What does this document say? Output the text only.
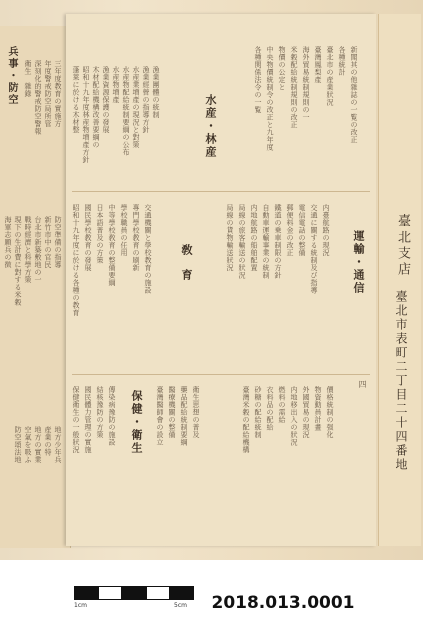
兵事・防空 衛生　雜錄 深刻化的警戒防空警報 年度警戒防空局所管 三年度教育の實施方
海軍志願兵の徴 現下の生計費に對する米穀 戰時經濟と科學方策 台北市新築敷地の一 新竹市中の官民 防空準備の指導
防空頌法地 空氣を吸ふ 地方の實業 産業の特 地方少年兵
蓬萊に於ける木材整 昭和十九年度林産物増產方針 木材配給機構改善要綱の 漁業資源保護の發展 水産物増產 水産物配給統制要綱の公布 水産業増產の現況と對策 漁業經營の指導方針 漁業團體の統制
水産・林産
各種関係法令の一覧 中央物價統制令の改正と九年度 物價の公定と 米穀配給統制規則の改正 海外貿易統制規則の一 臺灣鳳梨產 臺北市の産業狀況 各種統計 新聞其の他雜誌の一覧の改正
昭和十九年度に於ける各種の教育 國民學校教育の發展 日本語普及の方策 中等學校敎育の整備要綱 學校職員の任用 專門學校教育の刷新 交通機關と學校教育の施設	敎育	局線の貨物輸送狀況 局線の旅客輸送の狀況 内地航路の船舶配置 自動車運輸事業の統制 鐵道の乗車制限の方針 郵便料金の改正 電信電話の整備 交通に關する統制及び指導 内臺航路の現況 運輸・通信
保健衛生の一般狀況 國民體力管理の實施 結核豫防の方策 傳染病豫防の施設 保健・衛生 臺灣醫師會の設立 醫療機關の整備 藥品配給統制要綱 衛生思想の普及
四
臺灣米穀の配給機構 砂糖の配給統制 衣料品の配給 燃料の需給 内地移出入の狀況 外國貿易の現況 物資動員計畫 價格統制の强化
臺北支店
臺北市表町二丁目二十四番地
1cm	5cm	2018.013.0001
